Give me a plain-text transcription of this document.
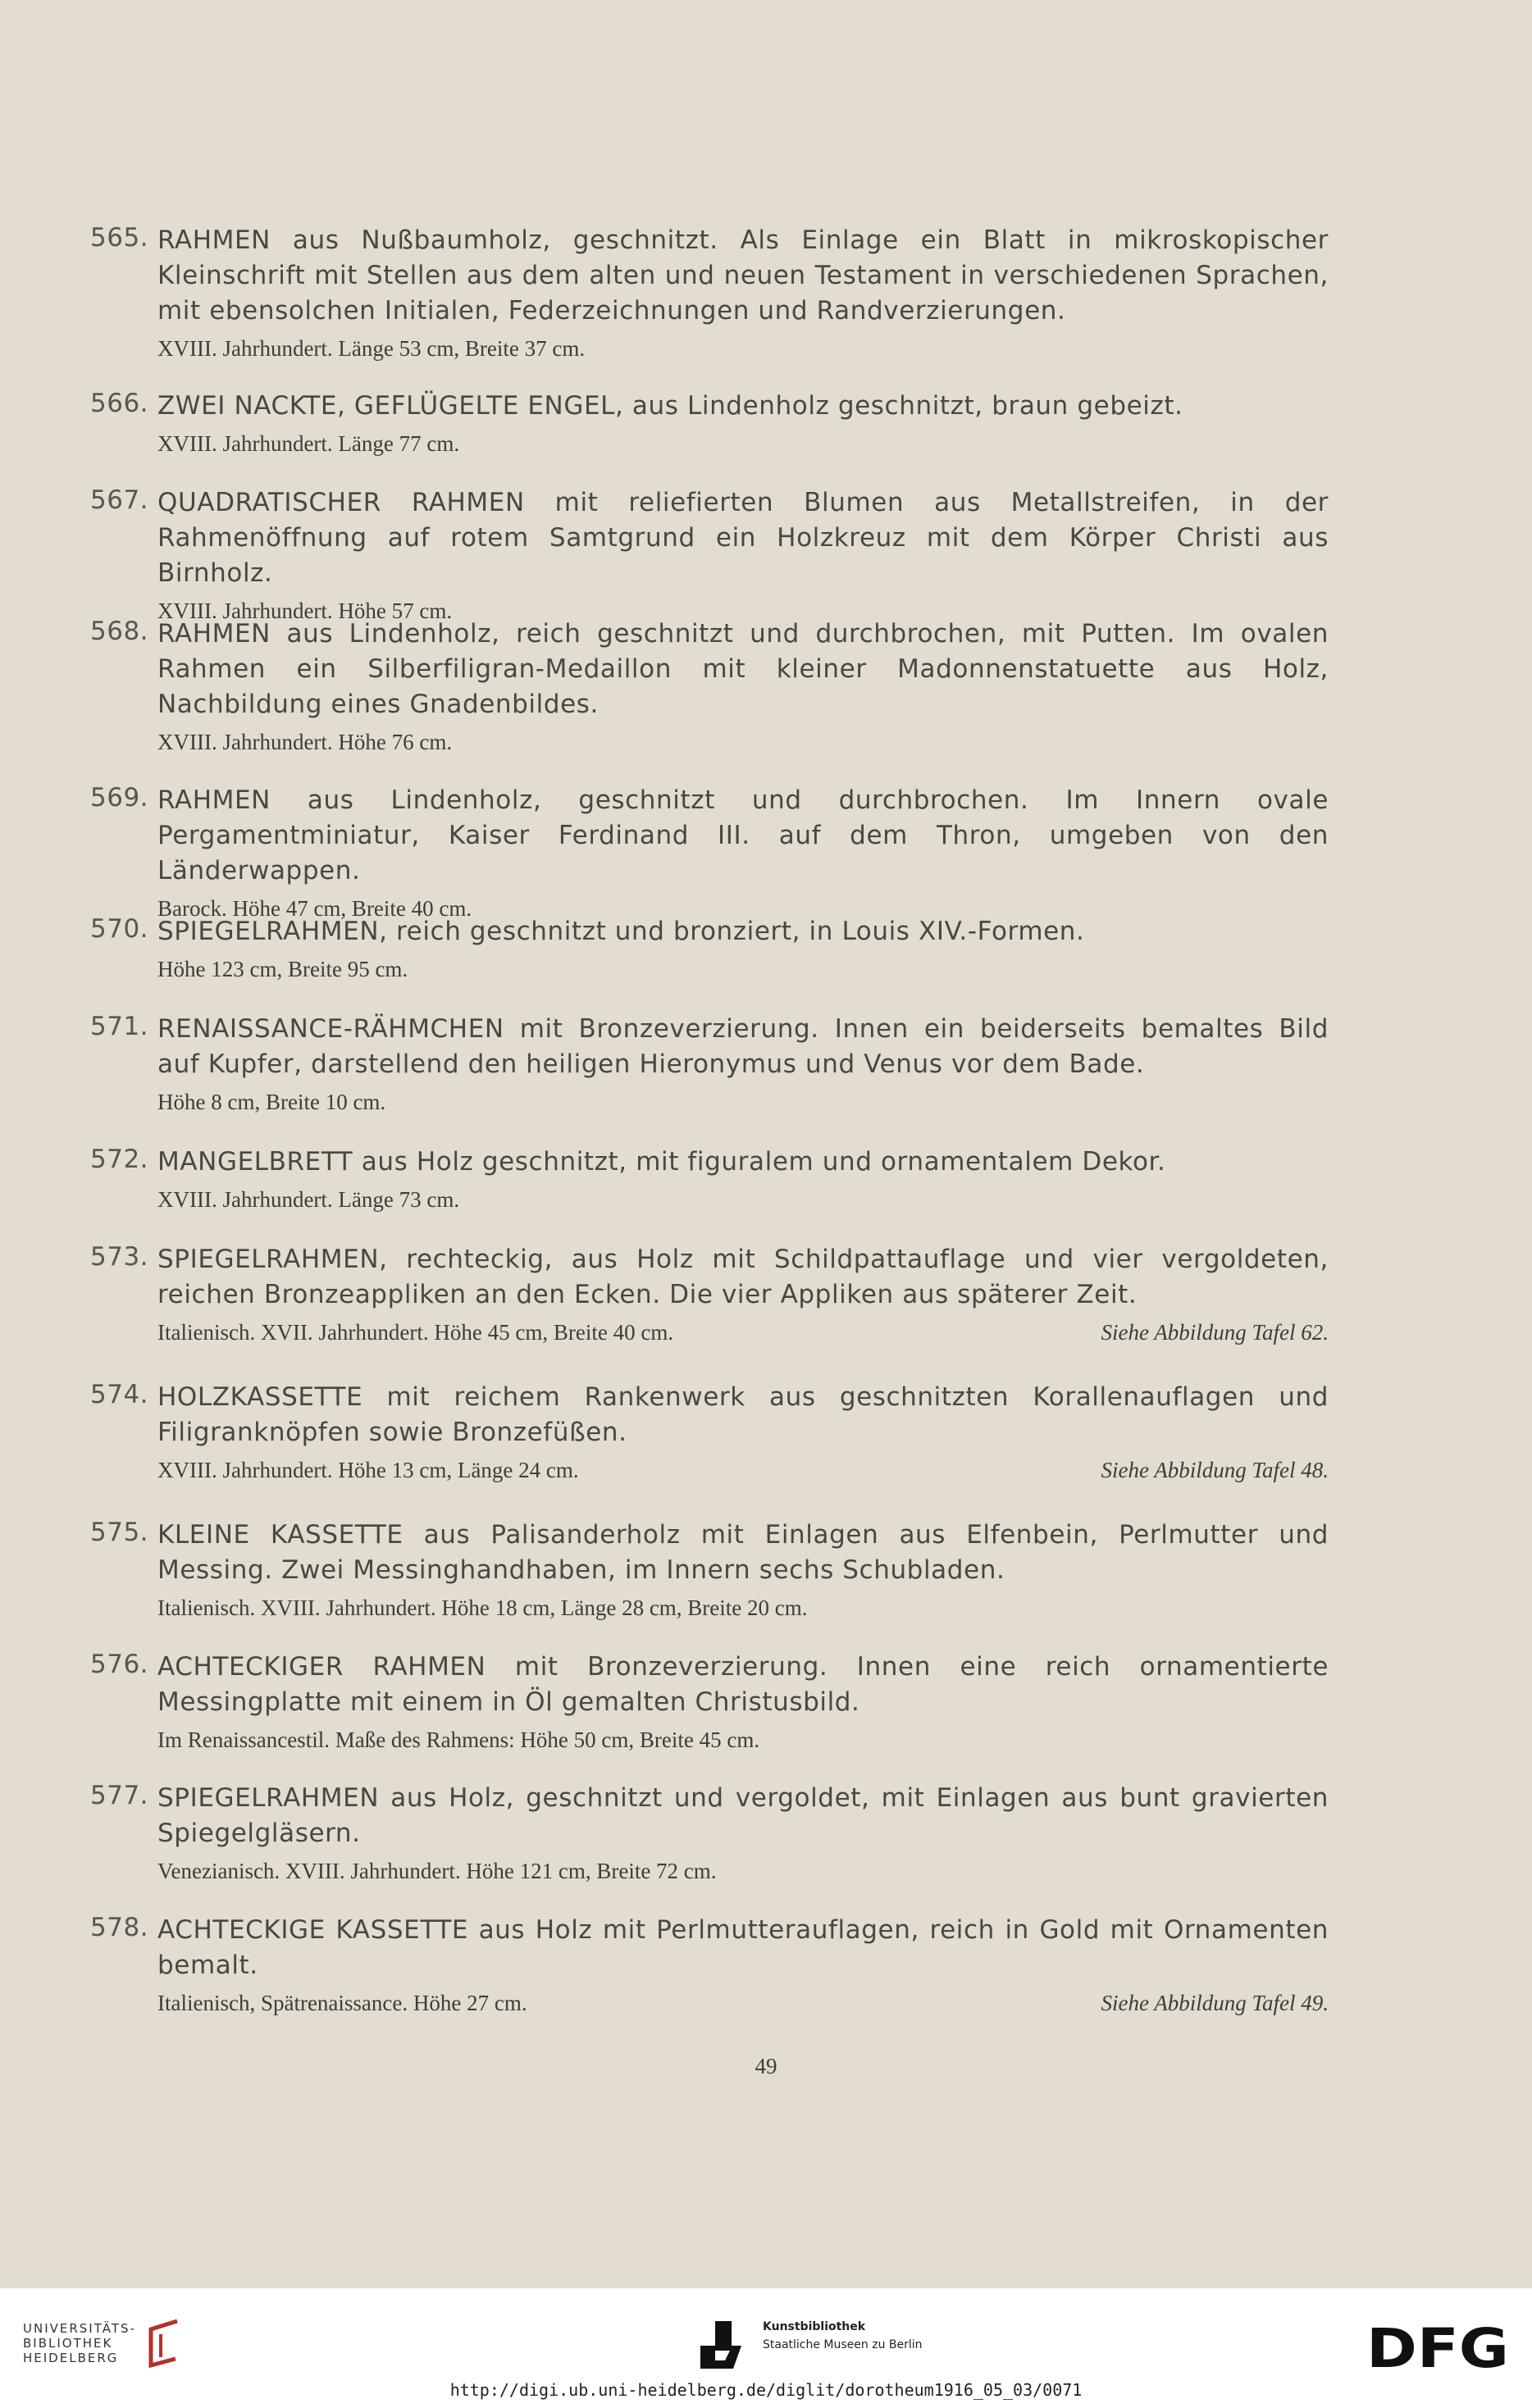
565. RAHMEN aus Nußbaumholz, geschnitzt. Als Einlage ein Blatt in mikroskopischer Kleinschrift mit Stellen aus dem alten und neuen Testament in verschiedenen Sprachen, mit ebensolchen Initialen, Federzeichnungen und Randverzierungen.
XVIII. Jahrhundert. Länge 53 cm, Breite 37 cm.
566. ZWEI NACKTE, GEFLÜGELTE ENGEL, aus Lindenholz geschnitzt, braun gebeizt.
XVIII. Jahrhundert. Länge 77 cm.
567. QUADRATISCHER RAHMEN mit reliefierten Blumen aus Metallstreifen, in der Rahmenöffnung auf rotem Samtgrund ein Holzkreuz mit dem Körper Christi aus Birnholz.
XVIII. Jahrhundert. Höhe 57 cm.
568. RAHMEN aus Lindenholz, reich geschnitzt und durchbrochen, mit Putten. Im ovalen Rahmen ein Silberfiligran-Medaillon mit kleiner Madonnenstatuette aus Holz, Nachbildung eines Gnadenbildes.
XVIII. Jahrhundert. Höhe 76 cm.
569. RAHMEN aus Lindenholz, geschnitzt und durchbrochen. Im Innern ovale Pergamentminiatur, Kaiser Ferdinand III. auf dem Thron, umgeben von den Länderwappen.
Barock. Höhe 47 cm, Breite 40 cm.
570. SPIEGELRAHMEN, reich geschnitzt und bronziert, in Louis XIV.-Formen.
Höhe 123 cm, Breite 95 cm.
571. RENAISSANCE-RÄHMCHEN mit Bronzeverzierung. Innen ein beiderseits bemaltes Bild auf Kupfer, darstellend den heiligen Hieronymus und Venus vor dem Bade.
Höhe 8 cm, Breite 10 cm.
572. MANGELBRETT aus Holz geschnitzt, mit figuralem und ornamentalem Dekor.
XVIII. Jahrhundert. Länge 73 cm.
573. SPIEGELRAHMEN, rechteckig, aus Holz mit Schildpattauflage und vier vergoldeten, reichen Bronzeappliken an den Ecken. Die vier Appliken aus späterer Zeit.
Italienisch. XVII. Jahrhundert. Höhe 45 cm, Breite 40 cm.	Siehe Abbildung Tafel 62.
574. HOLZKASSETTE mit reichem Rankenwerk aus geschnitzten Korallenauflagen und Filigranknöpfen sowie Bronzefüßen.
XVIII. Jahrhundert. Höhe 13 cm, Länge 24 cm.	Siehe Abbildung Tafel 48.
575. KLEINE KASSETTE aus Palisanderholz mit Einlagen aus Elfenbein, Perlmutter und Messing. Zwei Messinghandhaben, im Innern sechs Schubladen.
Italienisch. XVIII. Jahrhundert. Höhe 18 cm, Länge 28 cm, Breite 20 cm.
576. ACHTECKIGER RAHMEN mit Bronzeverzierung. Innen eine reich ornamentierte Messingplatte mit einem in Öl gemalten Christusbild.
Im Renaissancestil. Maße des Rahmens: Höhe 50 cm, Breite 45 cm.
577. SPIEGELRAHMEN aus Holz, geschnitzt und vergoldet, mit Einlagen aus bunt gravierten Spiegelgläsern.
Venezianisch. XVIII. Jahrhundert. Höhe 121 cm, Breite 72 cm.
578. ACHTECKIGE KASSETTE aus Holz mit Perlmutterauflagen, reich in Gold mit Ornamenten bemalt.
Italienisch, Spätrenaissance. Höhe 27 cm.	Siehe Abbildung Tafel 49.
49
UNIVERSITÄTS-
BIBLIOTHEK
HEIDELBERG
Kunstbibliothek
Staatliche Museen zu Berlin	DFG
http://digi.ub.uni-heidelberg.de/diglit/dorotheum1916_05_03/0071
